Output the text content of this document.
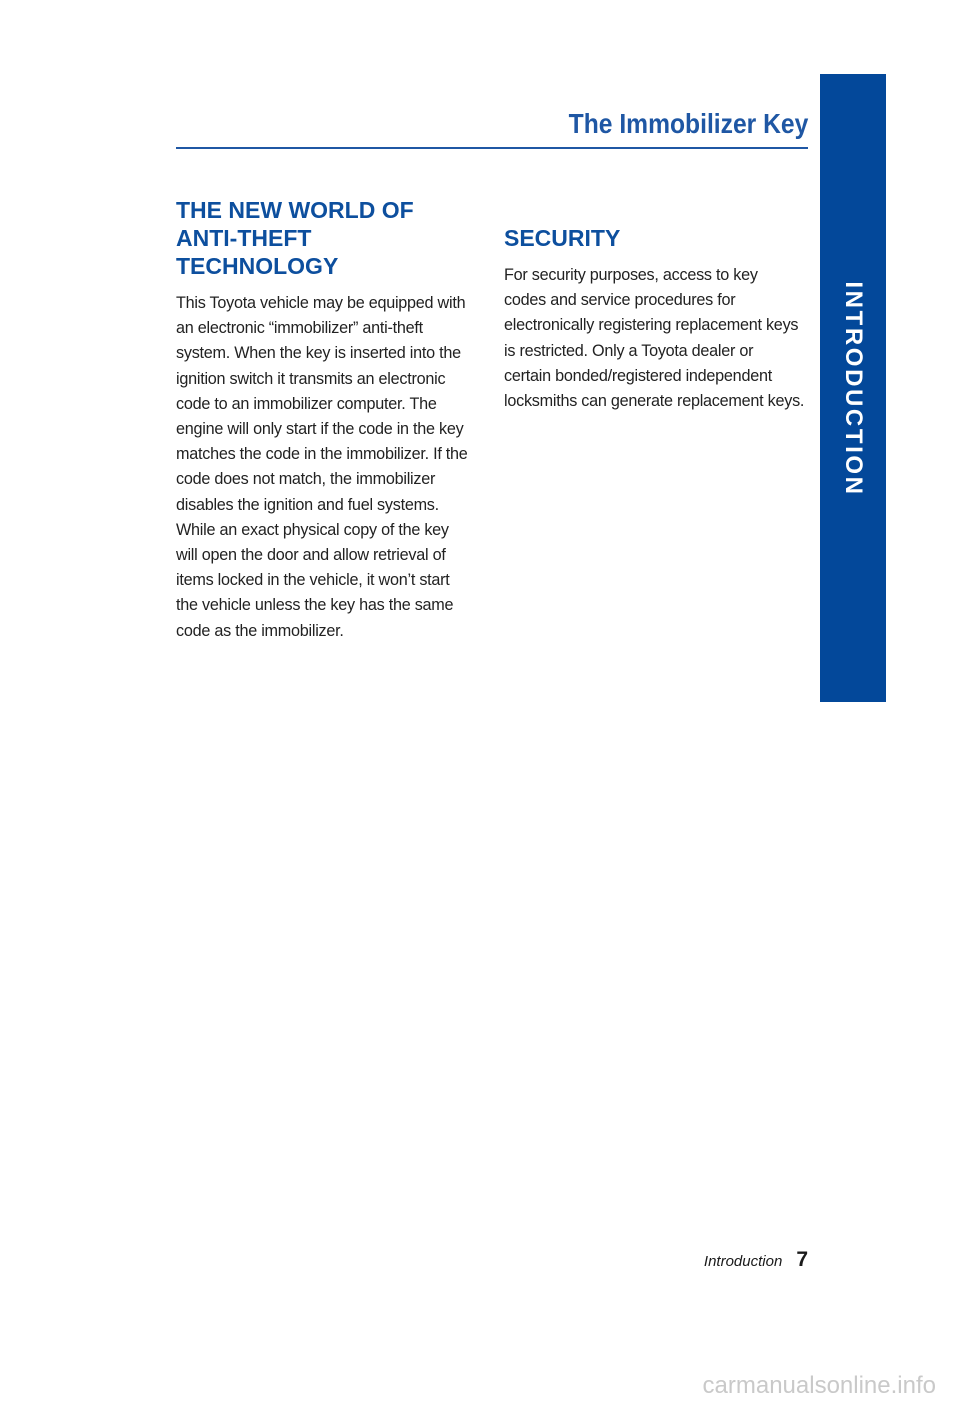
The Immobilizer Key
INTRODUCTION
THE NEW WORLD OF
ANTI-THEFT TECHNOLOGY

This Toyota vehicle may be equipped with
an electronic “immobilizer” anti-theft
system. When the key is inserted into the
ignition switch it transmits an electronic
code to an immobilizer computer. The
engine will only start if the code in the key
matches the code in the immobilizer. If the
code does not match, the immobilizer
disables the ignition and fuel systems.
While an exact physical copy of the key
will open the door and allow retrieval of
items locked in the vehicle, it won’t start
the vehicle unless the key has the same
code as the immobilizer.

SECURITY

For security purposes, access to key
codes and service procedures for
electronically registering replacement keys
is restricted. Only a Toyota dealer or
certain bonded/registered independent
locksmiths can generate replacement keys.

Introduction 7
carmanualsonline.info
